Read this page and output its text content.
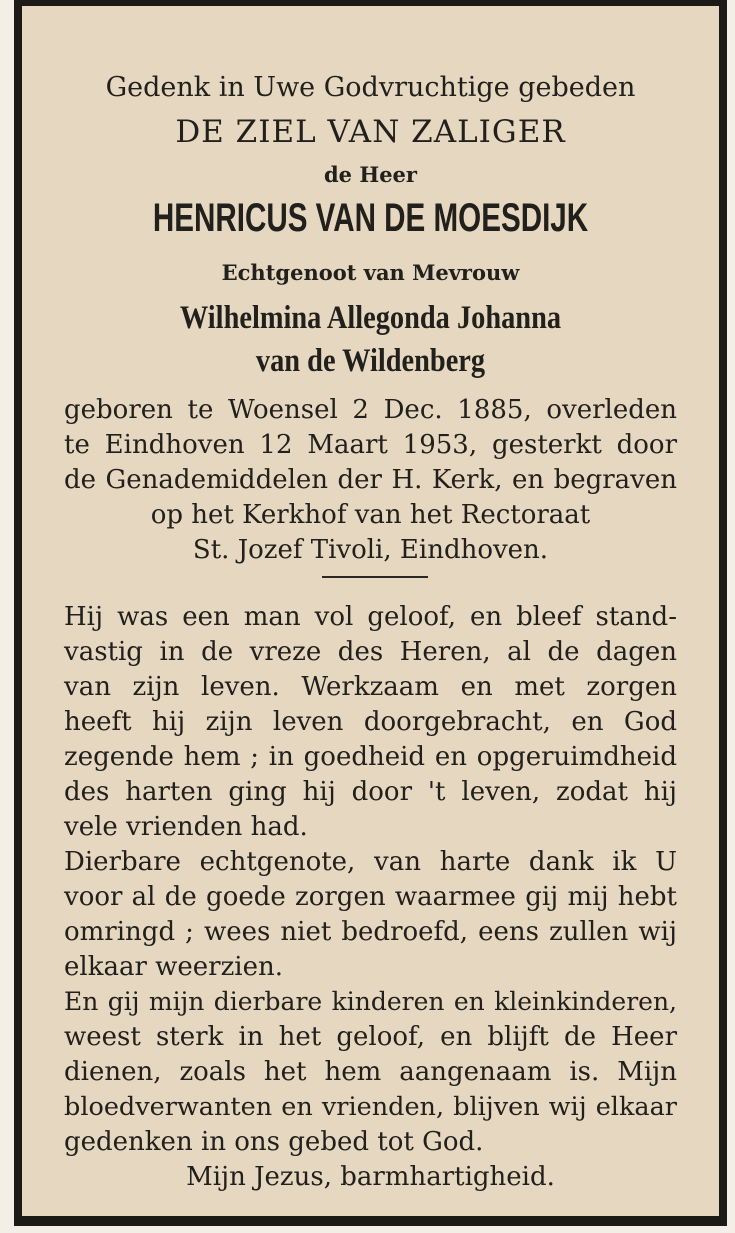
Gedenk in Uwe Godvruchtige gebeden
DE ZIEL VAN ZALIGER
de Heer
HENRICUS VAN DE MOESDIJK
Echtgenoot van Mevrouw
Wilhelmina Allegonda Johanna
van de Wildenberg
geboren te Woensel 2 Dec. 1885, overleden
te Eindhoven 12 Maart 1953, gesterkt door
de Genademiddelen der H. Kerk, en begraven
op het Kerkhof van het Rectoraat
St. Jozef Tivoli, Eindhoven.
Hij was een man vol geloof, en bleef stand-
vastig in de vreze des Heren, al de dagen
van zijn leven. Werkzaam en met zorgen
heeft hij zijn leven doorgebracht, en God
zegende hem ; in goedheid en opgeruimdheid
des harten ging hij door 't leven, zodat hij
vele vrienden had.
Dierbare echtgenote, van harte dank ik U
voor al de goede zorgen waarmee gij mij hebt
omringd ; wees niet bedroefd, eens zullen wij
elkaar weerzien.
En gij mijn dierbare kinderen en kleinkinderen,
weest sterk in het geloof, en blijft de Heer
dienen, zoals het hem aangenaam is. Mijn
bloedverwanten en vrienden, blijven wij elkaar
gedenken in ons gebed tot God.
Mijn Jezus, barmhartigheid.
